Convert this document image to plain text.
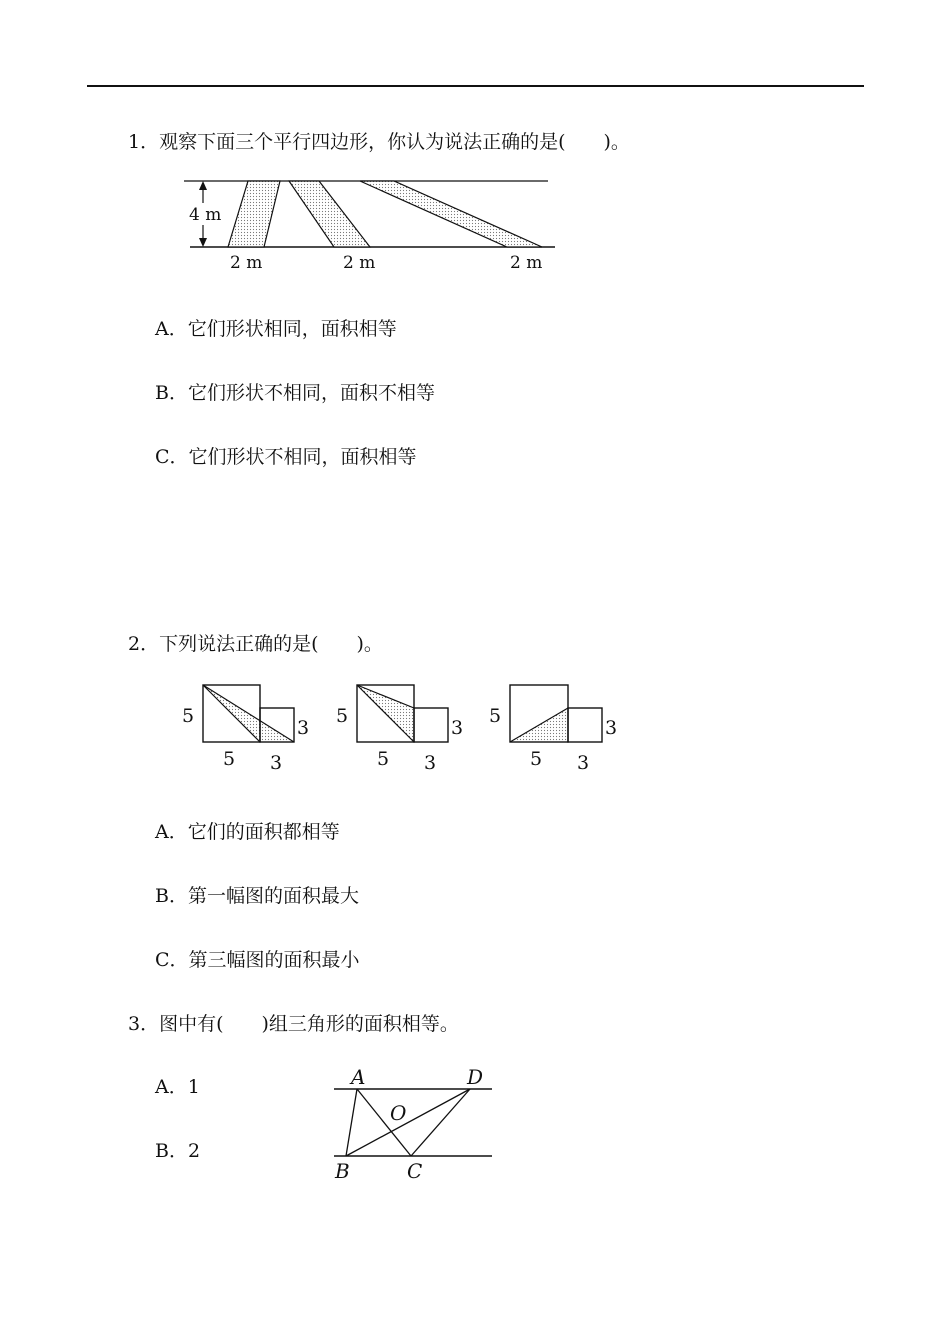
1．观察下面三个平行四边形，你认为说法正确的是(　　)。
4 m
2 m	2 m	2 m
A．它们形状相同，面积相等
B．它们形状不相同，面积不相等
C．它们形状不相同，面积相等
2．下列说法正确的是(　　)。
5
3
5 3
5
3
5 3
5
3
5 3
A．它们的面积都相等
B．第一幅图的面积最大
C．第三幅图的面积最小
3．图中有(　　)组三角形的面积相等。
A．1
B．2
A	D
O
B	C
